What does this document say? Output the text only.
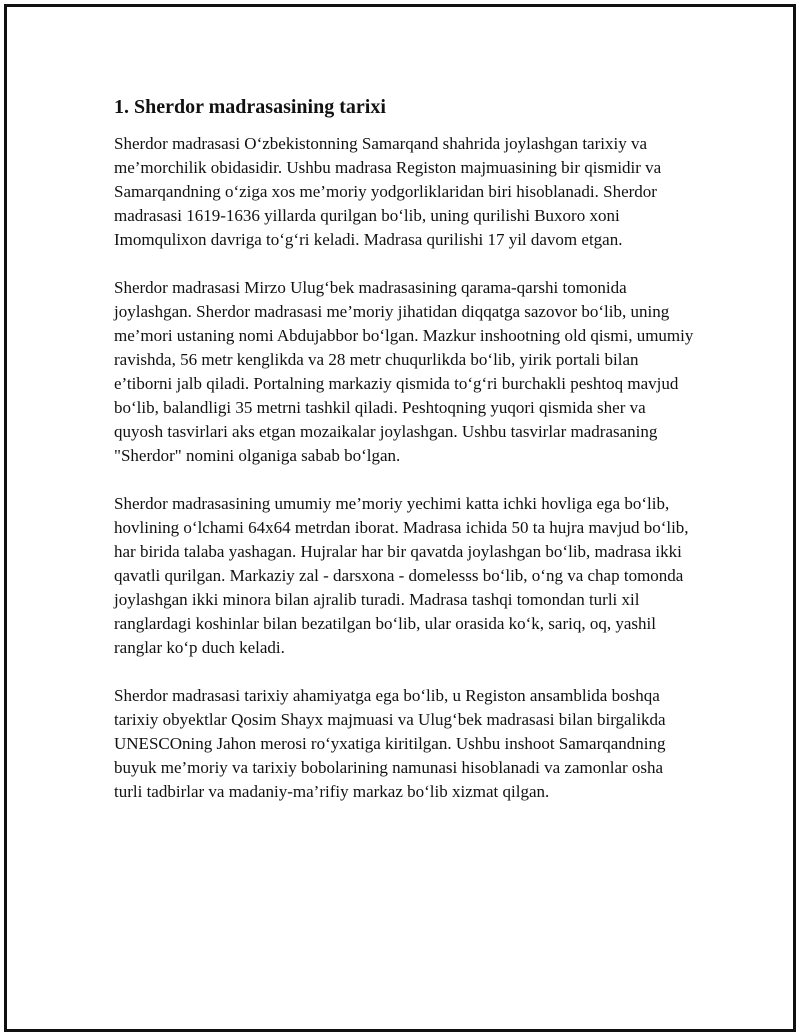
1. Sherdor madrasasining tarixi

Sherdor madrasasi O‘zbekistonning Samarqand shahrida joylashgan tarixiy va me’morchilik obidasidir. Ushbu madrasa Registon majmuasining bir qismidir va Samarqandning o‘ziga xos me’moriy yodgorliklaridan biri hisoblanadi. Sherdor madrasasi 1619-1636 yillarda qurilgan bo‘lib, uning qurilishi Buxoro xoni Imomqulixon davriga to‘g‘ri keladi. Madrasa qurilishi 17 yil davom etgan.

Sherdor madrasasi Mirzo Ulug‘bek madrasasining qarama-qarshi tomonida joylashgan. Sherdor madrasasi me’moriy jihatidan diqqatga sazovor bo‘lib, uning me’mori ustaning nomi Abdujabbor bo‘lgan. Mazkur inshootning old qismi, umumiy ravishda, 56 metr kenglikda va 28 metr chuqurlikda bo‘lib, yirik portali bilan e’tiborni jalb qiladi. Portalning markaziy qismida to‘g‘ri burchakli peshtoq mavjud bo‘lib, balandligi 35 metrni tashkil qiladi. Peshtoqning yuqori qismida sher va quyosh tasvirlari aks etgan mozaikalar joylashgan. Ushbu tasvirlar madrasaning "Sherdor" nomini olganiga sabab bo‘lgan.

Sherdor madrasasining umumiy me’moriy yechimi katta ichki hovliga ega bo‘lib, hovlining o‘lchami 64x64 metrdan iborat. Madrasa ichida 50 ta hujra mavjud bo‘lib, har birida talaba yashagan. Hujralar har bir qavatda joylashgan bo‘lib, madrasa ikki qavatli qurilgan. Markaziy zal - darsxona - domelesss bo‘lib, o‘ng va chap tomonda joylashgan ikki minora bilan ajralib turadi. Madrasa tashqi tomondan turli xil ranglardagi koshinlar bilan bezatilgan bo‘lib, ular orasida ko‘k, sariq, oq, yashil ranglar ko‘p duch keladi.

Sherdor madrasasi tarixiy ahamiyatga ega bo‘lib, u Registon ansamblida boshqa tarixiy obyektlar Qosim Shayx majmuasi va Ulug‘bek madrasasi bilan birgalikda UNESCOning Jahon merosi ro‘yxatiga kiritilgan. Ushbu inshoot Samarqandning buyuk me’moriy va tarixiy bobolarining namunasi hisoblanadi va zamonlar osha turli tadbirlar va madaniy-ma’rifiy markaz bo‘lib xizmat qilgan.
